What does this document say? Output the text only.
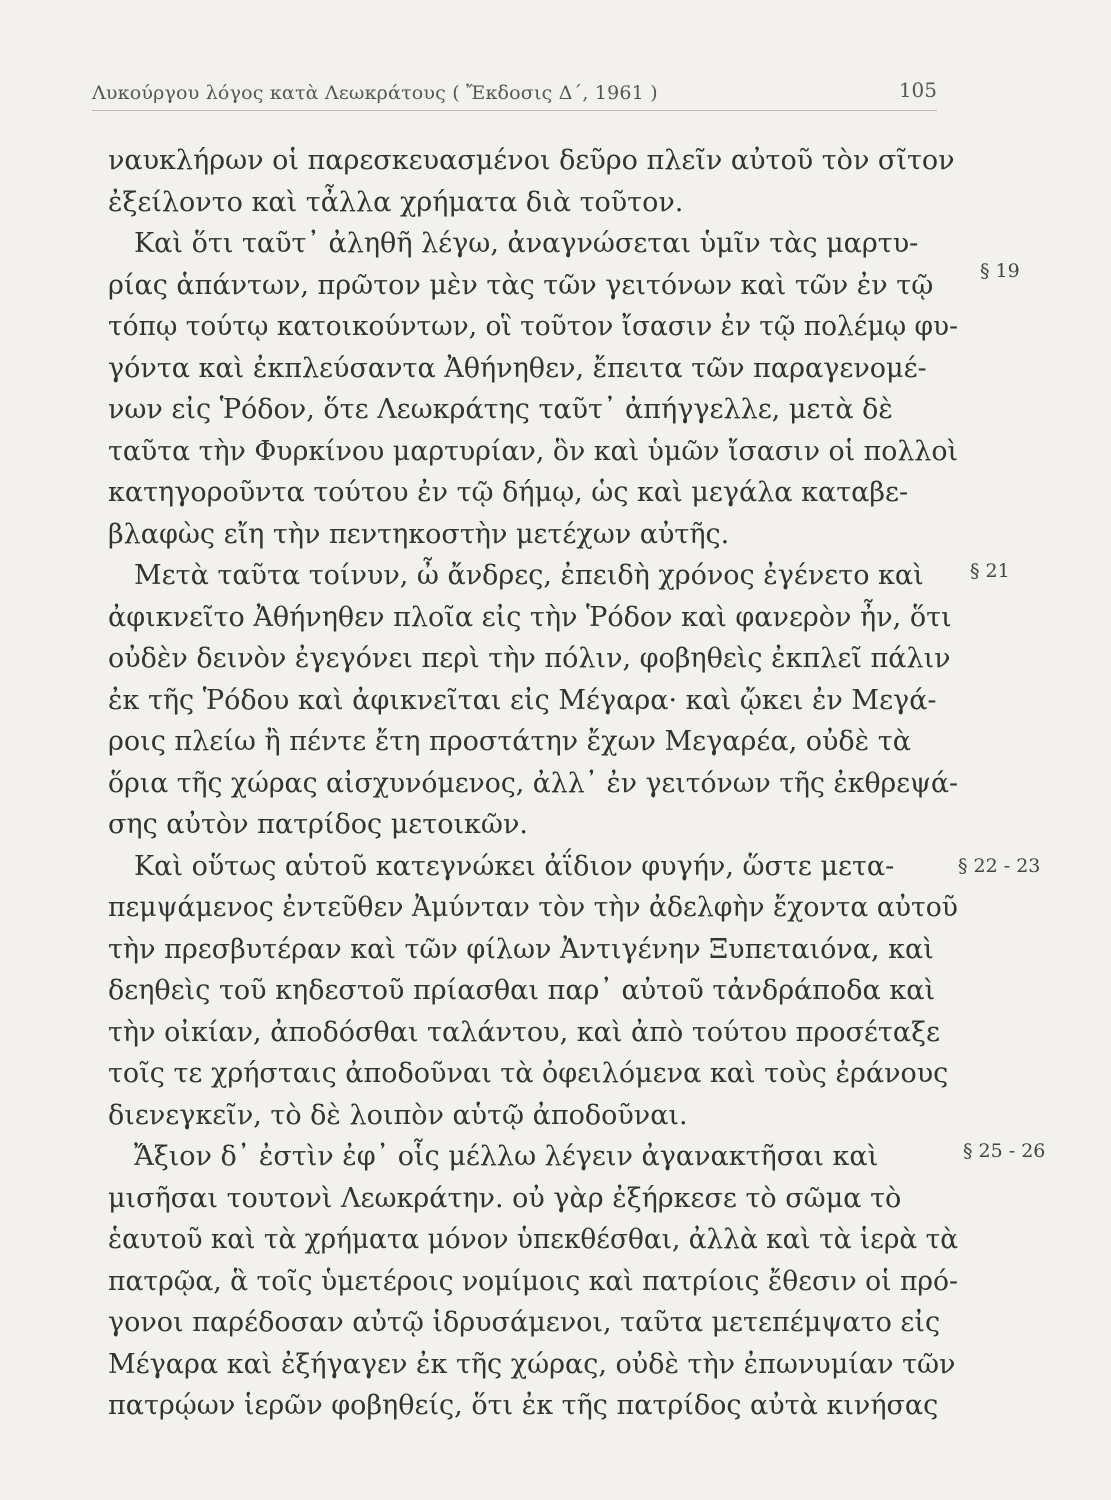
Λυκούργου λόγος κατὰ Λεωκράτους ( Ἔκδοσις Δ΄, 1961 )	105
ναυκλήρων οἱ παρεσκευασμένοι δεῦρο πλεῖν αὐτοῦ τὸν σῖτον
ἐξείλοντο καὶ τἆλλα χρήματα διὰ τοῦτον.
Καὶ ὅτι ταῦτ᾽ ἀληθῆ λέγω, ἀναγνώσεται ὑμῖν τὰς μαρτυ-
ρίας ἁπάντων, πρῶτον μὲν τὰς τῶν γειτόνων καὶ τῶν ἐν τῷ
τόπῳ τούτῳ κατοικούντων, οἳ τοῦτον ἴσασιν ἐν τῷ πολέμῳ φυ-
γόντα καὶ ἐκπλεύσαντα Ἀθήνηθεν, ἔπειτα τῶν παραγενομέ-
νων εἰς Ῥόδον, ὅτε Λεωκράτης ταῦτ᾽ ἀπήγγελλε, μετὰ δὲ
ταῦτα τὴν Φυρκίνου μαρτυρίαν, ὃν καὶ ὑμῶν ἴσασιν οἱ πολλοὶ
κατηγοροῦντα τούτου ἐν τῷ δήμῳ, ὡς καὶ μεγάλα καταβε-
βλαφὼς εἴη τὴν πεντηκοστὴν μετέχων αὐτῆς.
Μετὰ ταῦτα τοίνυν, ὦ ἄνδρες, ἐπειδὴ χρόνος ἐγένετο καὶ
ἀφικνεῖτο Ἀθήνηθεν πλοῖα εἰς τὴν Ῥόδον καὶ φανερὸν ἦν, ὅτι
οὐδὲν δεινὸν ἐγεγόνει περὶ τὴν πόλιν, φοβηθεὶς ἐκπλεῖ πάλιν
ἐκ τῆς Ῥόδου καὶ ἀφικνεῖται εἰς Μέγαρα· καὶ ᾤκει ἐν Μεγά-
ροις πλείω ἢ πέντε ἔτη προστάτην ἔχων Μεγαρέα, οὐδὲ τὰ
ὅρια τῆς χώρας αἰσχυνόμενος, ἀλλ᾽ ἐν γειτόνων τῆς ἐκθρεψά-
σης αὐτὸν πατρίδος μετοικῶν.
Καὶ οὕτως αὑτοῦ κατεγνώκει ἀΐδιον φυγήν, ὥστε μετα-
πεμψάμενος ἐντεῦθεν Ἀμύνταν τὸν τὴν ἀδελφὴν ἔχοντα αὐτοῦ
τὴν πρεσβυτέραν καὶ τῶν φίλων Ἀντιγένην Ξυπεταιόνα, καὶ
δεηθεὶς τοῦ κηδεστοῦ πρίασθαι παρ᾽ αὐτοῦ τἀνδράποδα καὶ
τὴν οἰκίαν, ἀποδόσθαι ταλάντου, καὶ ἀπὸ τούτου προσέταξε
τοῖς τε χρήσταις ἀποδοῦναι τὰ ὀφειλόμενα καὶ τοὺς ἐράνους
διενεγκεῖν, τὸ δὲ λοιπὸν αὑτῷ ἀποδοῦναι.
Ἄξιον δ᾽ ἐστὶν ἐφ᾽ οἷς μέλλω λέγειν ἀγανακτῆσαι καὶ
μισῆσαι τουτονὶ Λεωκράτην. οὐ γὰρ ἐξήρκεσε τὸ σῶμα τὸ
ἑαυτοῦ καὶ τὰ χρήματα μόνον ὑπεκθέσθαι, ἀλλὰ καὶ τὰ ἱερὰ τὰ
πατρῷα, ἃ τοῖς ὑμετέροις νομίμοις καὶ πατρίοις ἔθεσιν οἱ πρό-
γονοι παρέδοσαν αὐτῷ ἱδρυσάμενοι, ταῦτα μετεπέμψατο εἰς
Μέγαρα καὶ ἐξήγαγεν ἐκ τῆς χώρας, οὐδὲ τὴν ἐπωνυμίαν τῶν
πατρῴων ἱερῶν φοβηθείς, ὅτι ἐκ τῆς πατρίδος αὐτὰ κινήσας
§ 19
§ 21
§ 22 - 23
§ 25 - 26
